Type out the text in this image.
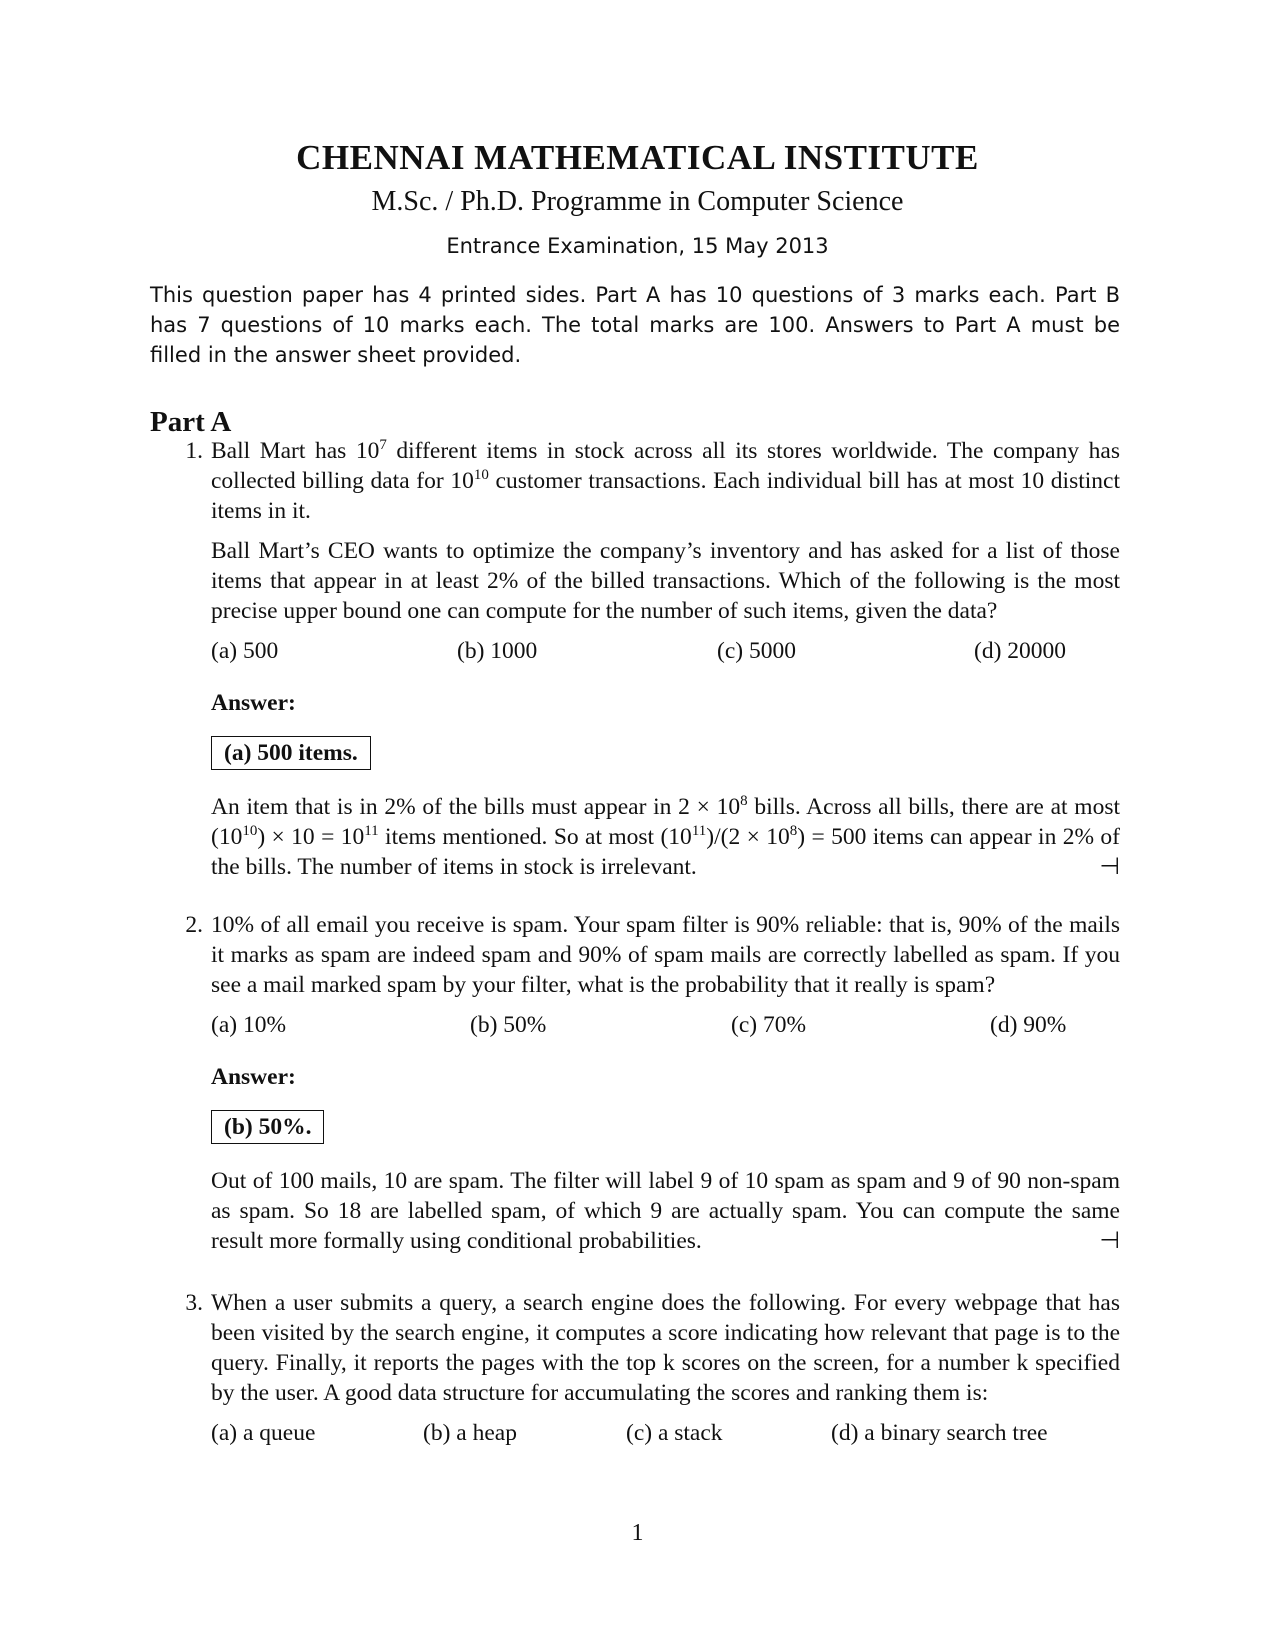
CHENNAI MATHEMATICAL INSTITUTE
M.Sc. / Ph.D. Programme in Computer Science
Entrance Examination, 15 May 2013
This question paper has 4 printed sides. Part A has 10 questions of 3 marks each. Part B has 7 questions of 10 marks each. The total marks are 100. Answers to Part A must be filled in the answer sheet provided.
Part A
1. Ball Mart has $10^7$ different items in stock across all its stores worldwide. The company has collected billing data for $10^{10}$ customer transactions. Each individual bill has at most 10 distinct items in it.

Ball Mart’s CEO wants to optimize the company’s inventory and has asked for a list of those items that appear in at least 2% of the billed transactions. Which of the following is the most precise upper bound one can compute for the number of such items, given the data?

(a) 500	(b) 1000	(c) 5000	(d) 20000
Answer:
(a) 500 items.
An item that is in 2% of the bills must appear in $2 \times 10^8$ bills. Across all bills, there are at most $(10^{10}) \times 10 = 10^{11}$ items mentioned. So at most $(10^{11})/(2 \times 10^8) = 500$ items can appear in 2% of the bills. The number of items in stock is irrelevant.	⊣
2. 10% of all email you receive is spam. Your spam filter is 90% reliable: that is, 90% of the mails it marks as spam are indeed spam and 90% of spam mails are correctly labelled as spam. If you see a mail marked spam by your filter, what is the probability that it really is spam?

(a) 10%	(b) 50%	(c) 70%	(d) 90%
Answer:
(b) 50%.
Out of 100 mails, 10 are spam. The filter will label 9 of 10 spam as spam and 9 of 90 non-spam as spam. So 18 are labelled spam, of which 9 are actually spam. You can compute the same result more formally using conditional probabilities.	⊣
3. When a user submits a query, a search engine does the following. For every webpage that has been visited by the search engine, it computes a score indicating how relevant that page is to the query. Finally, it reports the pages with the top k scores on the screen, for a number k specified by the user. A good data structure for accumulating the scores and ranking them is:

(a) a queue	(b) a heap	(c) a stack	(d) a binary search tree
1
